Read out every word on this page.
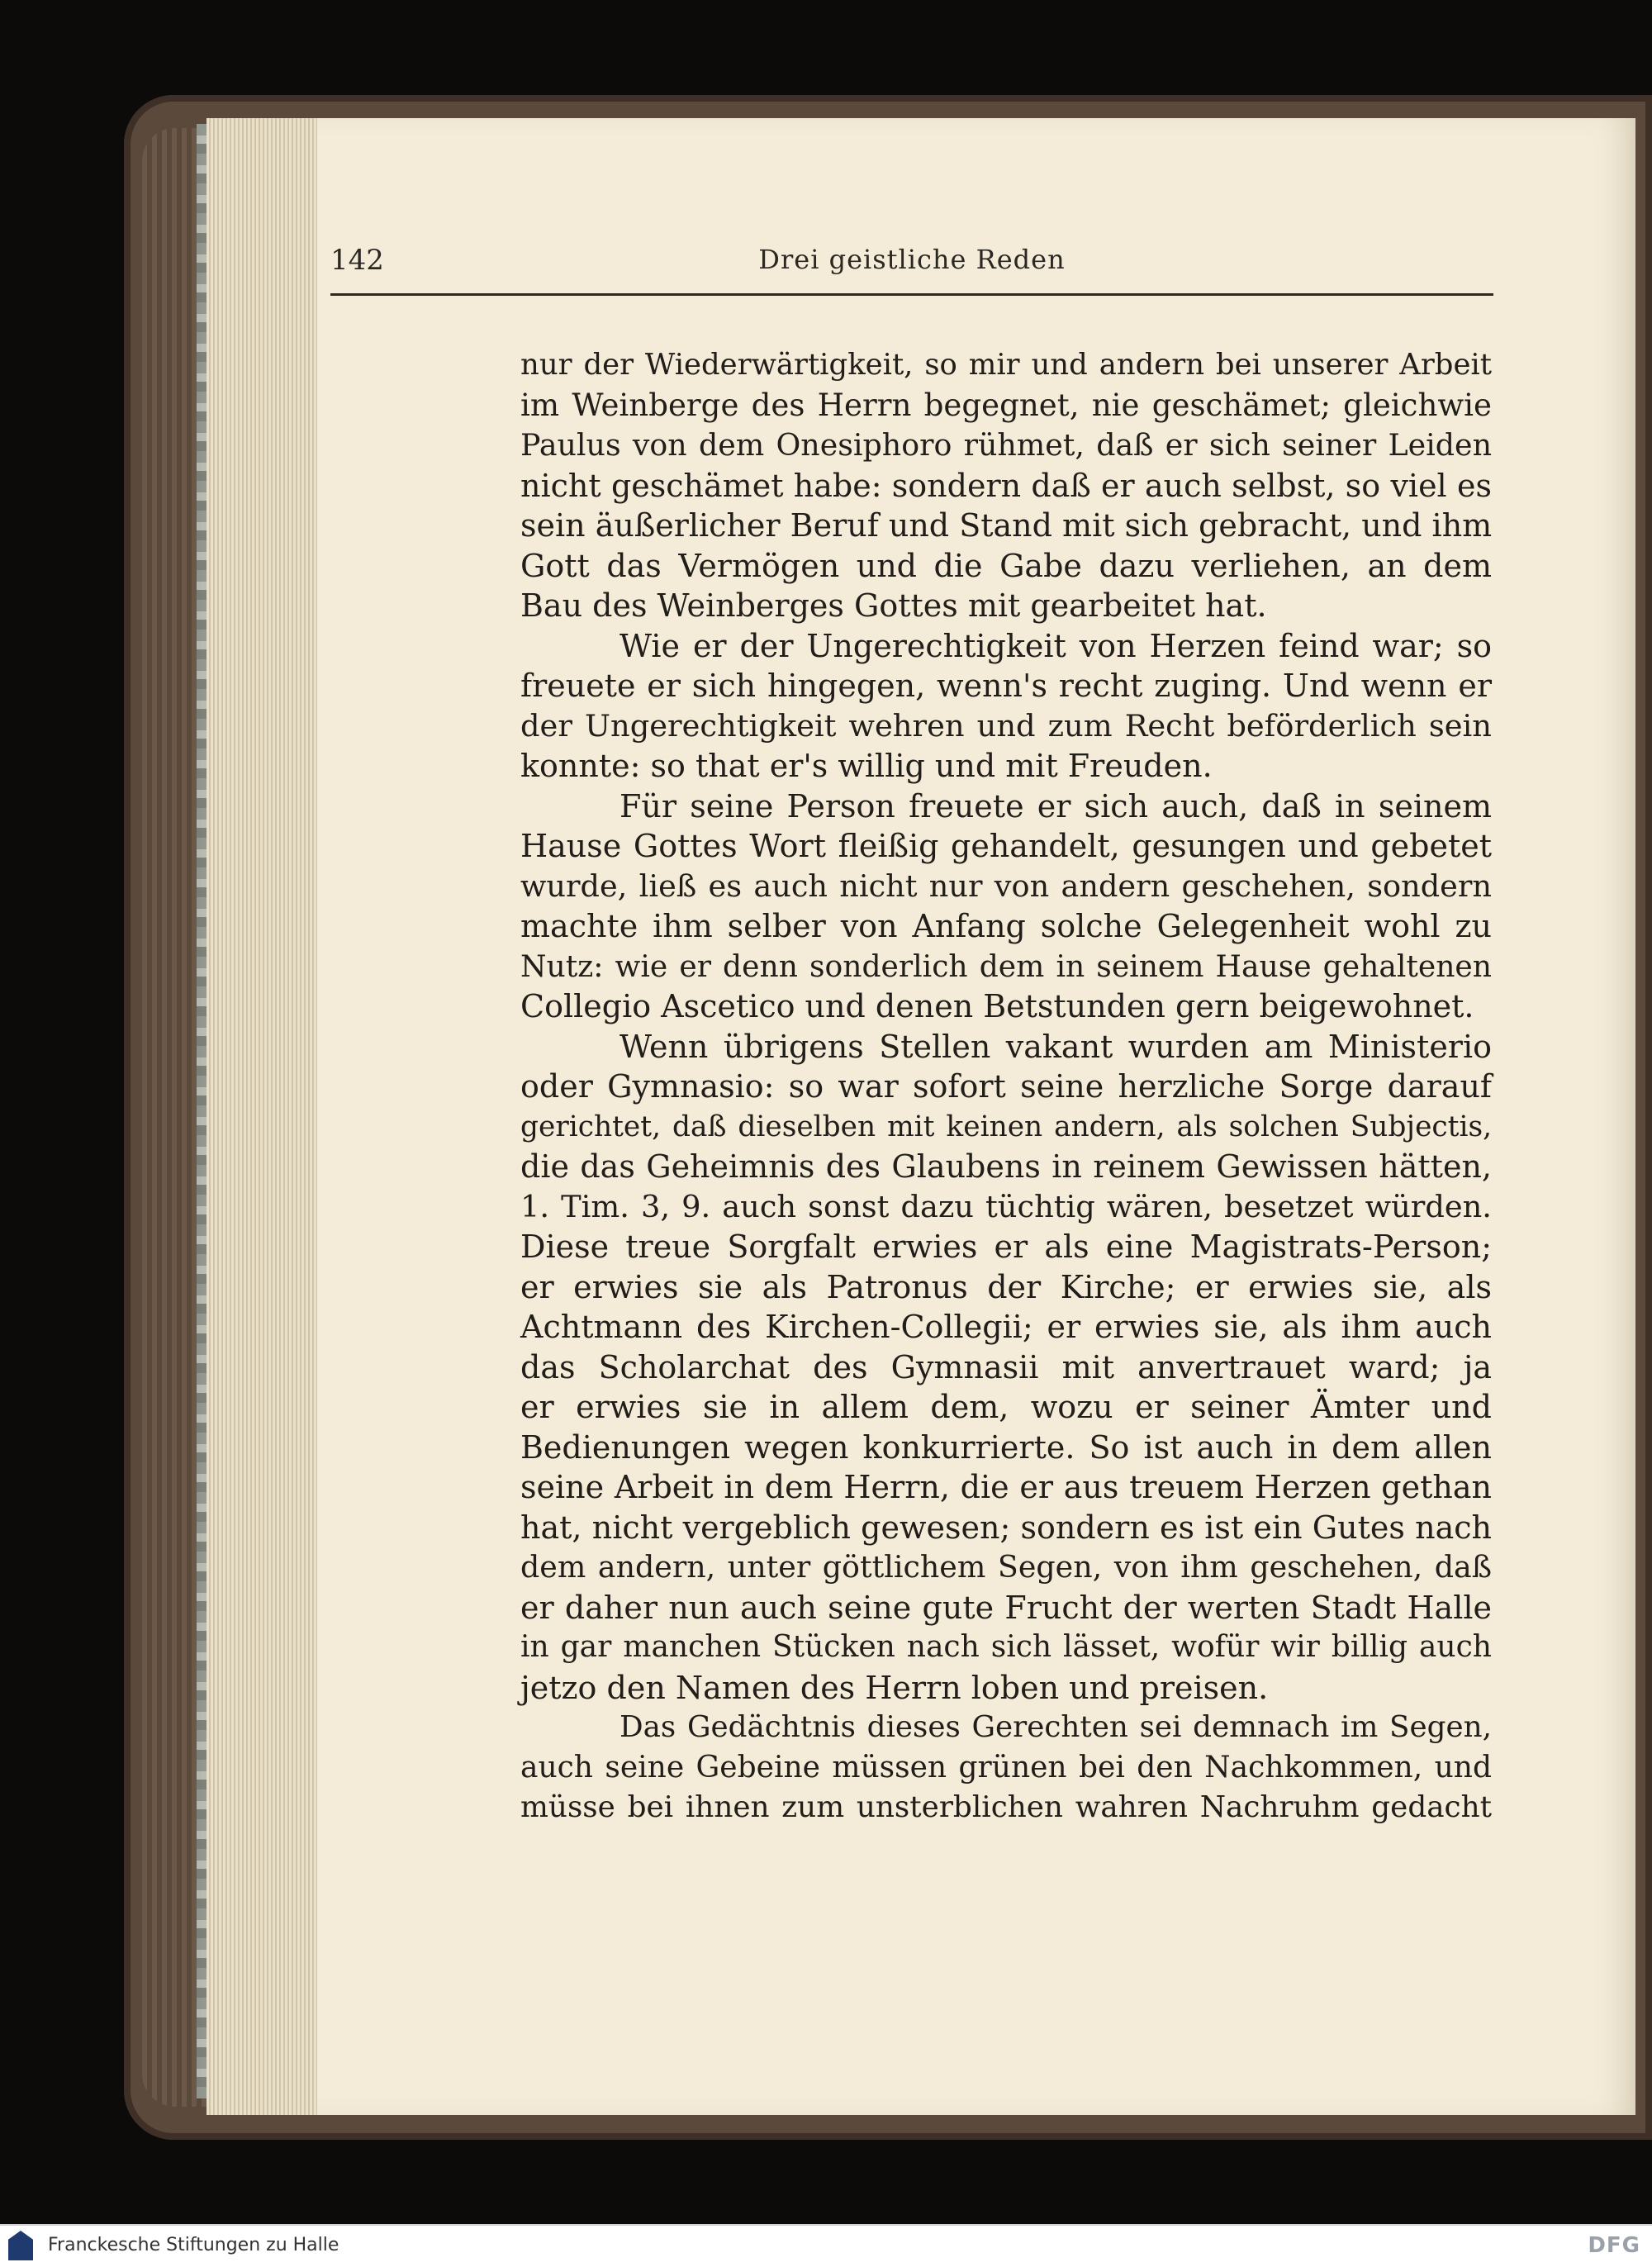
142	Drei geistliche Reden
nur der Wiederwärtigkeit, so mir und andern bei unserer Arbeit
im Weinberge des Herrn begegnet, nie geschämet; gleichwie
Paulus von dem Onesiphoro rühmet, daß er sich seiner Leiden
nicht geschämet habe: sondern daß er auch selbst, so viel es
sein äußerlicher Beruf und Stand mit sich gebracht, und ihm
Gott das Vermögen und die Gabe dazu verliehen, an dem
Bau des Weinberges Gottes mit gearbeitet hat.
Wie er der Ungerechtigkeit von Herzen feind war; so
freuete er sich hingegen, wenn's recht zuging. Und wenn er
der Ungerechtigkeit wehren und zum Recht beförderlich sein
konnte: so that er's willig und mit Freuden.
Für seine Person freuete er sich auch, daß in seinem
Hause Gottes Wort fleißig gehandelt, gesungen und gebetet
wurde, ließ es auch nicht nur von andern geschehen, sondern
machte ihm selber von Anfang solche Gelegenheit wohl zu
Nutz: wie er denn sonderlich dem in seinem Hause gehaltenen
Collegio Ascetico und denen Betstunden gern beigewohnet.
Wenn übrigens Stellen vakant wurden am Ministerio
oder Gymnasio: so war sofort seine herzliche Sorge darauf
gerichtet, daß dieselben mit keinen andern, als solchen Subjectis,
die das Geheimnis des Glaubens in reinem Gewissen hätten,
1. Tim. 3, 9. auch sonst dazu tüchtig wären, besetzet würden.
Diese treue Sorgfalt erwies er als eine Magistrats-Person;
er erwies sie als Patronus der Kirche; er erwies sie, als
Achtmann des Kirchen-Collegii; er erwies sie, als ihm auch
das Scholarchat des Gymnasii mit anvertrauet ward; ja
er erwies sie in allem dem, wozu er seiner Ämter und
Bedienungen wegen konkurrierte. So ist auch in dem allen
seine Arbeit in dem Herrn, die er aus treuem Herzen gethan
hat, nicht vergeblich gewesen; sondern es ist ein Gutes nach
dem andern, unter göttlichem Segen, von ihm geschehen, daß
er daher nun auch seine gute Frucht der werten Stadt Halle
in gar manchen Stücken nach sich lässet, wofür wir billig auch
jetzo den Namen des Herrn loben und preisen.
Das Gedächtnis dieses Gerechten sei demnach im Segen,
auch seine Gebeine müssen grünen bei den Nachkommen, und
müsse bei ihnen zum unsterblichen wahren Nachruhm gedacht
Franckesche Stiftungen zu Halle	DFG
